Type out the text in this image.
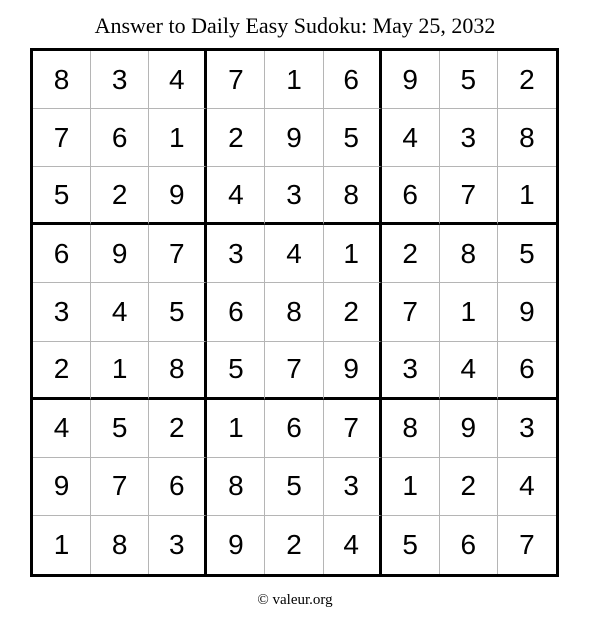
Answer to Daily Easy Sudoku: May 25, 2032
8	3	4	7	1	6	9	5	2
7	6	1	2	9	5	4	3	8
5	2	9	4	3	8	6	7	1
6	9	7	3	4	1	2	8	5
3	4	5	6	8	2	7	1	9
2	1	8	5	7	9	3	4	6
4	5	2	1	6	7	8	9	3
9	7	6	8	5	3	1	2	4
1	8	3	9	2	4	5	6	7
© valeur.org
